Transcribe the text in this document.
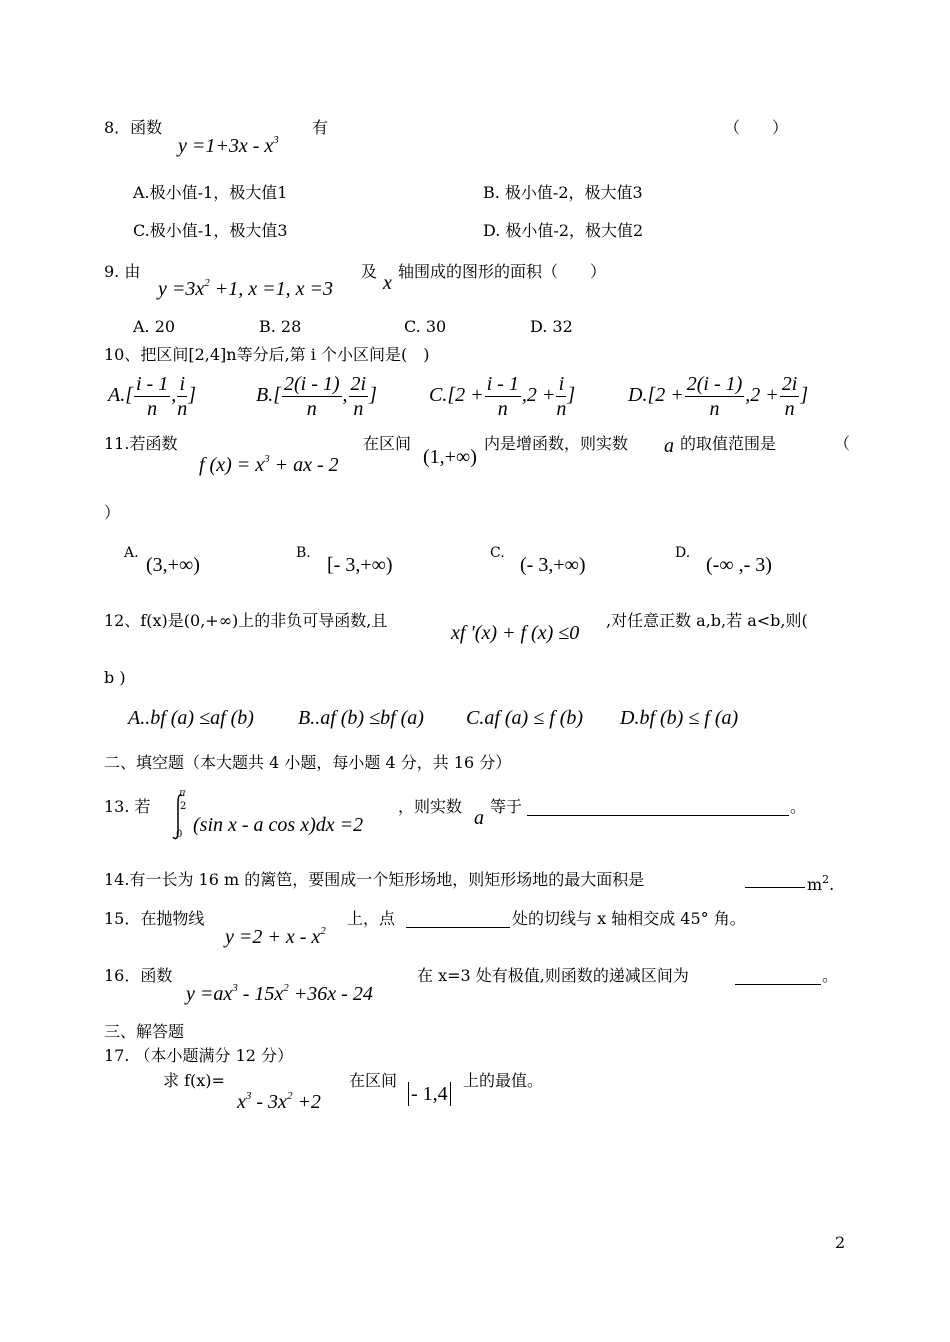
8．函数
$y =1+3x - x^3$
有	（　　）
A.极小值-1，极大值1	B. 极小值-2，极大值3
C.极小值-1，极大值3	D. 极小值-2，极大值2
9. 由
$y =3x^2 +1$, x =1, x =3
及
x
轴围成的图形的面积（　　）
A. 20	B. 28	C. 30	D. 32
10、把区间[2,4]n等分后,第 i 个小区间是(　)
$A.[ \frac{i - 1}{n}$ , $\frac{i}{n}$ ]	$B.[ \frac{2(i - 1)}{n}$ , $\frac{2i}{n}$ ]	$C.[2 + \frac{i - 1}{n} ,2 + \frac{i}{n}$ ]	$D.[2 + \frac{2(i - 1)}{n} ,2 + \frac{2i}{n}$ ]
11.若函数
f $(x) = x^3$ + ax - 2
在区间
(1,+∞)
内是增函数，则实数 a 的取值范围是	（
）
A.
(3,+∞)
B.
[- 3,+∞)
C.
(- 3,+∞)
D.
(-∞ ,- 3)
12、f(x)是(0,+∞)上的非负可导函数,且
xf ′(x) + f (x) ≤0
,对任意正数 a,b,若 a<b,则(
b )
A..bf (a) ≤af (b) B..af (b) ≤bf (a) C.af (a) ≤ f (b) D.bf (b) ≤ f (a)
二、填空题（本大题共 4 小题，每小题 4 分，共 16 分）
13. 若
π
2
0 (sin x - a cos x)dx =2
，则实数
a
等于	。
14.有一长为 16 m 的篱笆，要围成一个矩形场地，则矩形场地的最大面积是	$m^2$.
15．在抛物线
$y =2 + x - x^2$
上，点	处的切线与 x 轴相交成 45° 角。
16．函数
$y =ax^3 - 15x^2 +36x - 24$
在 x=3 处有极值,则函数的递减区间为	。
三、解答题
17. （本小题满分 12 分）
求 f(x)=
$x^3 - 3x^2 +2$
在区间
- 1,4
上的最值。
2
